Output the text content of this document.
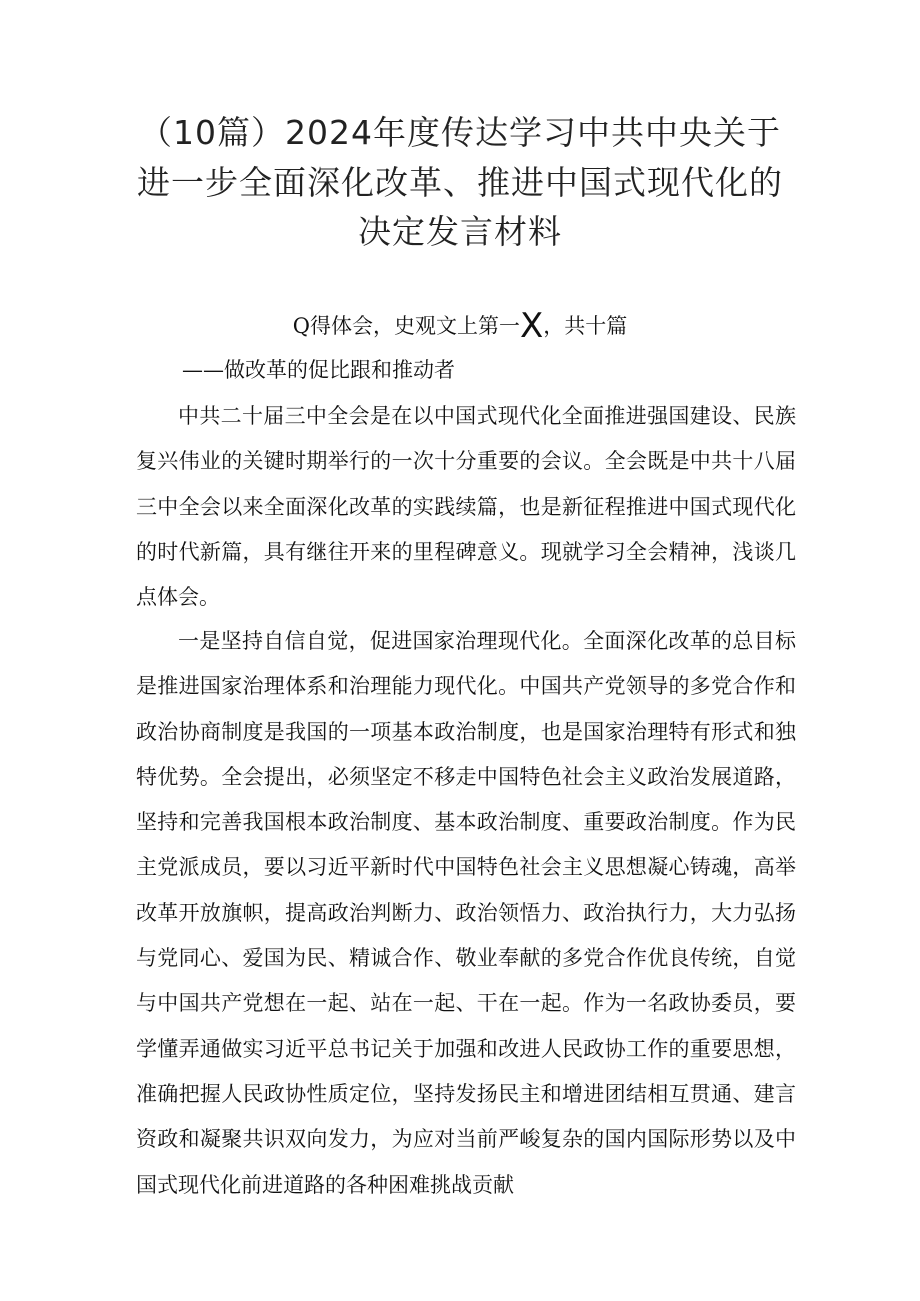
（10篇）2024年度传达学习中共中央关于
进一步全面深化改革、推进中国式现代化的
决定发言材料
Q得体会，史观文上第一X，共十篇
——做改革的促比跟和推动者

中共二十届三中全会是在以中国式现代化全面推进强国建设、民族复兴伟业的关键时期举行的一次十分重要的会议。全会既是中共十八届三中全会以来全面深化改革的实践续篇，也是新征程推进中国式现代化的时代新篇，具有继往开来的里程碑意义。现就学习全会精神，浅谈几点体会。

一是坚持自信自觉，促进国家治理现代化。全面深化改革的总目标是推进国家治理体系和治理能力现代化。中国共产党领导的多党合作和政治协商制度是我国的一项基本政治制度，也是国家治理特有形式和独特优势。全会提出，必须坚定不移走中国特色社会主义政治发展道路，坚持和完善我国根本政治制度、基本政治制度、重要政治制度。作为民主党派成员，要以习近平新时代中国特色社会主义思想凝心铸魂，高举改革开放旗帜，提高政治判断力、政治领悟力、政治执行力，大力弘扬与党同心、爱国为民、精诚合作、敬业奉献的多党合作优良传统，自觉与中国共产党想在一起、站在一起、干在一起。作为一名政协委员，要学懂弄通做实习近平总书记关于加强和改进人民政协工作的重要思想，准确把握人民政协性质定位，坚持发扬民主和增进团结相互贯通、建言资政和凝聚共识双向发力，为应对当前严峻复杂的国内国际形势以及中国式现代化前进道路的各种困难挑战贡献
